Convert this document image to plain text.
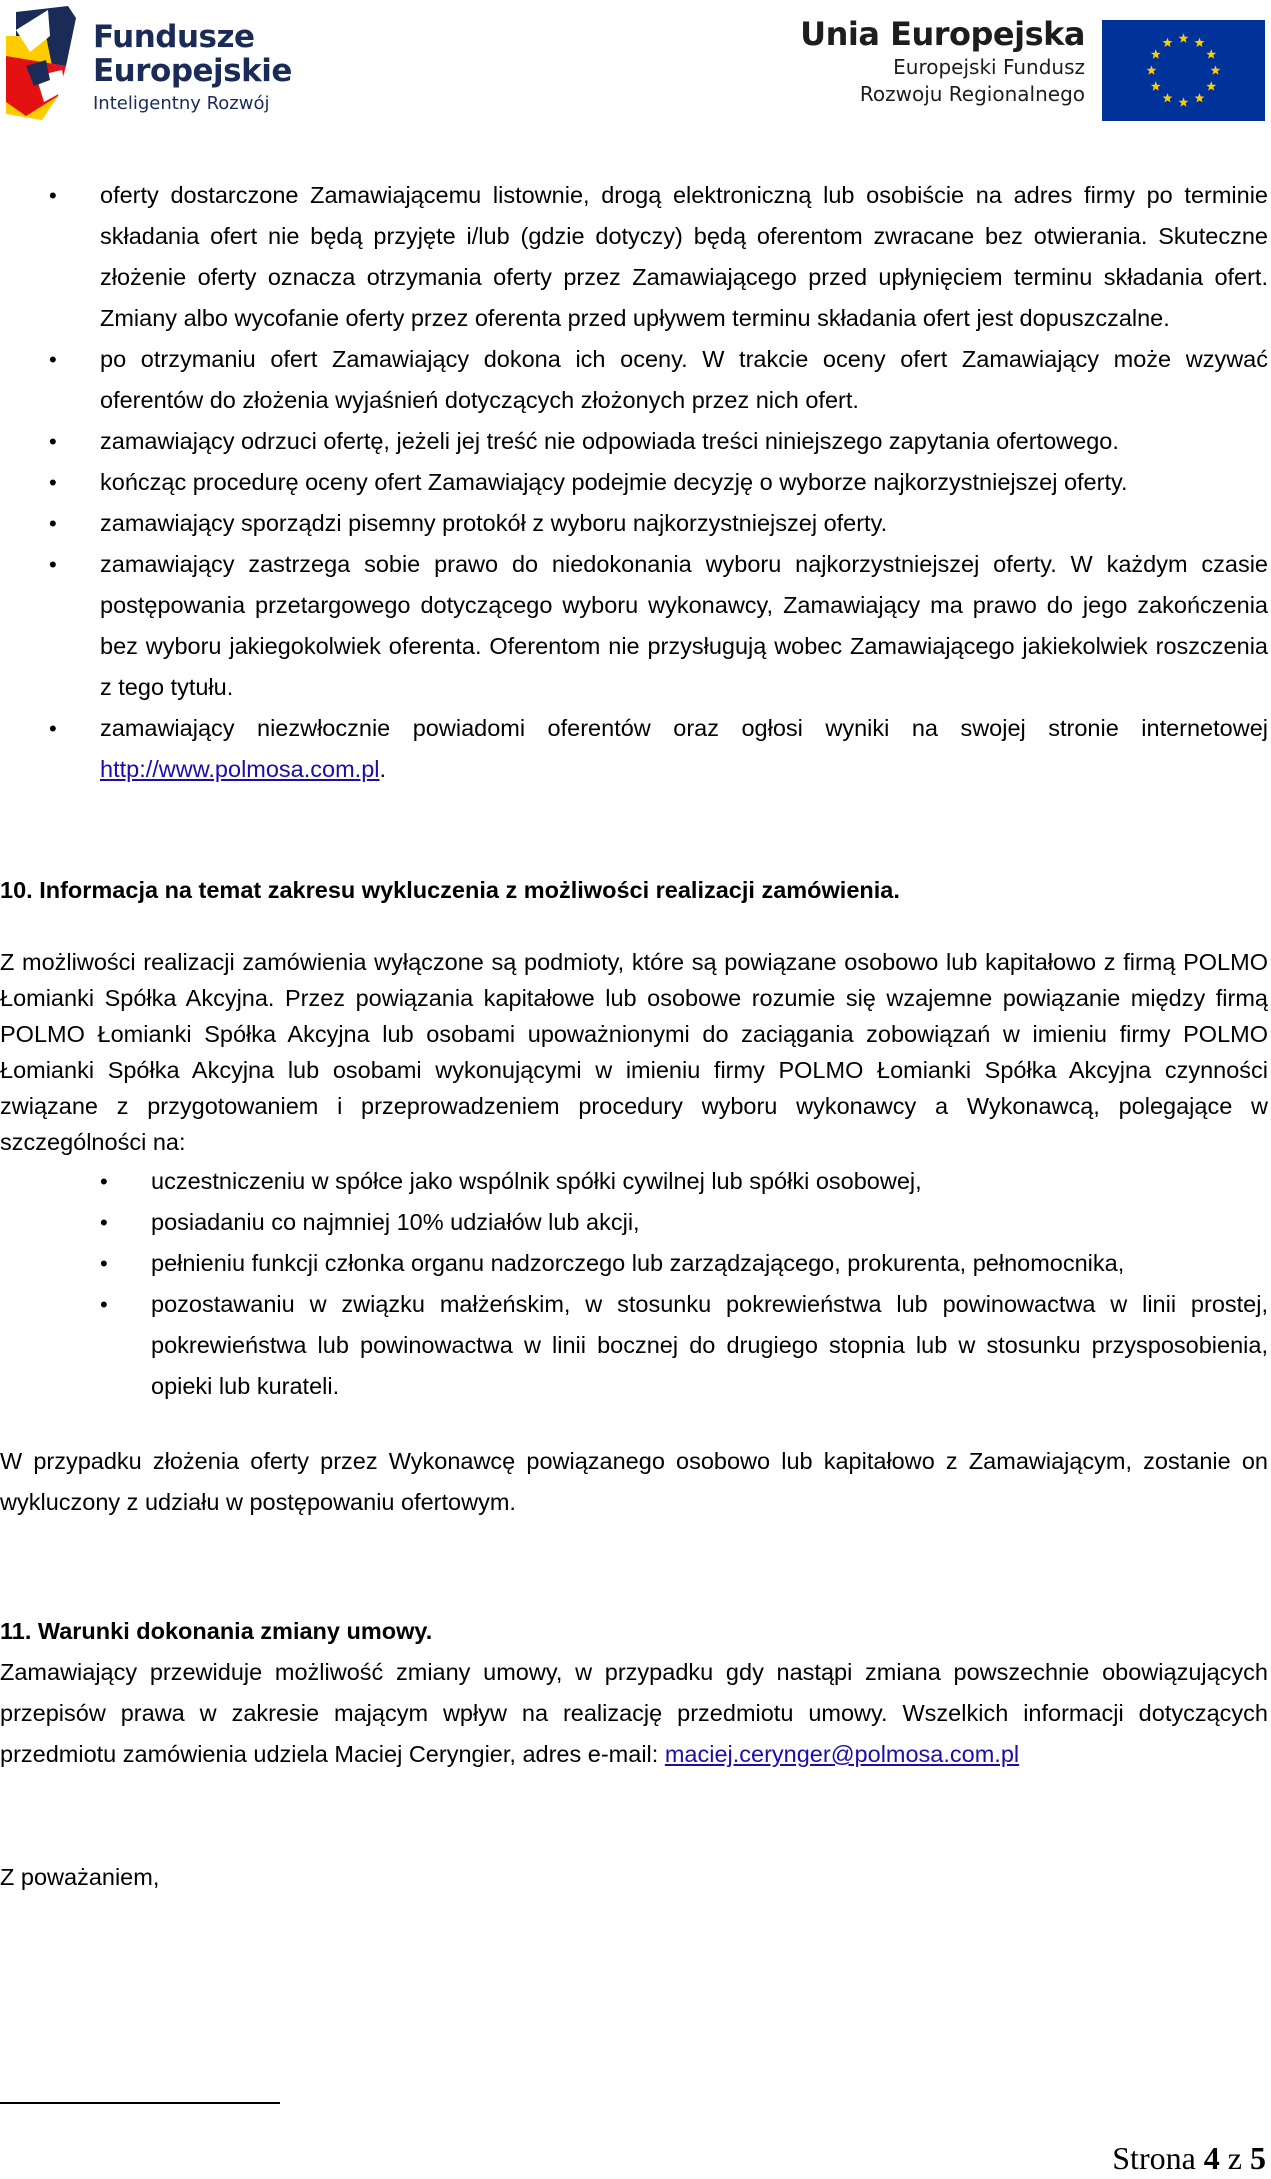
Fundusze
Europejskie
Inteligentny Rozwój
Unia Europejska
Europejski Fundusz
Rozwoju Regionalnego
• oferty dostarczone Zamawiającemu listownie, drogą elektroniczną lub osobiście na adres firmy po terminie składania ofert nie będą przyjęte i/lub (gdzie dotyczy) będą oferentom zwracane bez otwierania. Skuteczne złożenie oferty oznacza otrzymania oferty przez Zamawiającego przed upłynięciem terminu składania ofert. Zmiany albo wycofanie oferty przez oferenta przed upływem terminu składania ofert jest dopuszczalne.
• po otrzymaniu ofert Zamawiający dokona ich oceny. W trakcie oceny ofert Zamawiający może wzywać oferentów do złożenia wyjaśnień dotyczących złożonych przez nich ofert.
• zamawiający odrzuci ofertę, jeżeli jej treść nie odpowiada treści niniejszego zapytania ofertowego.
• kończąc procedurę oceny ofert Zamawiający podejmie decyzję o wyborze najkorzystniejszej oferty.
• zamawiający sporządzi pisemny protokół z wyboru najkorzystniejszej oferty.
• zamawiający zastrzega sobie prawo do niedokonania wyboru najkorzystniejszej oferty. W każdym czasie postępowania przetargowego dotyczącego wyboru wykonawcy, Zamawiający ma prawo do jego zakończenia bez wyboru jakiegokolwiek oferenta. Oferentom nie przysługują wobec Zamawiającego jakiekolwiek roszczenia z tego tytułu.
• zamawiający niezwłocznie powiadomi oferentów oraz ogłosi wyniki na swojej stronie internetowej http://www.polmosa.com.pl.
10. Informacja na temat zakresu wykluczenia z możliwości realizacji zamówienia.
Z możliwości realizacji zamówienia wyłączone są podmioty, które są powiązane osobowo lub kapitałowo z firmą POLMO Łomianki Spółka Akcyjna. Przez powiązania kapitałowe lub osobowe rozumie się wzajemne powiązanie między firmą POLMO Łomianki Spółka Akcyjna lub osobami upoważnionymi do zaciągania zobowiązań w imieniu firmy POLMO Łomianki Spółka Akcyjna lub osobami wykonującymi w imieniu firmy POLMO Łomianki Spółka Akcyjna czynności związane z przygotowaniem i przeprowadzeniem procedury wyboru wykonawcy a Wykonawcą, polegające w szczególności na:
• uczestniczeniu w spółce jako wspólnik spółki cywilnej lub spółki osobowej,
• posiadaniu co najmniej 10% udziałów lub akcji,
• pełnieniu funkcji członka organu nadzorczego lub zarządzającego, prokurenta, pełnomocnika,
• pozostawaniu w związku małżeńskim, w stosunku pokrewieństwa lub powinowactwa w linii prostej, pokrewieństwa lub powinowactwa w linii bocznej do drugiego stopnia lub w stosunku przysposobienia, opieki lub kurateli.
W przypadku złożenia oferty przez Wykonawcę powiązanego osobowo lub kapitałowo z Zamawiającym, zostanie on wykluczony z udziału w postępowaniu ofertowym.
11. Warunki dokonania zmiany umowy.
Zamawiający przewiduje możliwość zmiany umowy, w przypadku gdy nastąpi zmiana powszechnie obowiązujących przepisów prawa w zakresie mającym wpływ na realizację przedmiotu umowy. Wszelkich informacji dotyczących przedmiotu zamówienia udziela Maciej Ceryngier, adres e-mail: maciej.cerynger@polmosa.com.pl
Z poważaniem,
Strona 4 z 5
